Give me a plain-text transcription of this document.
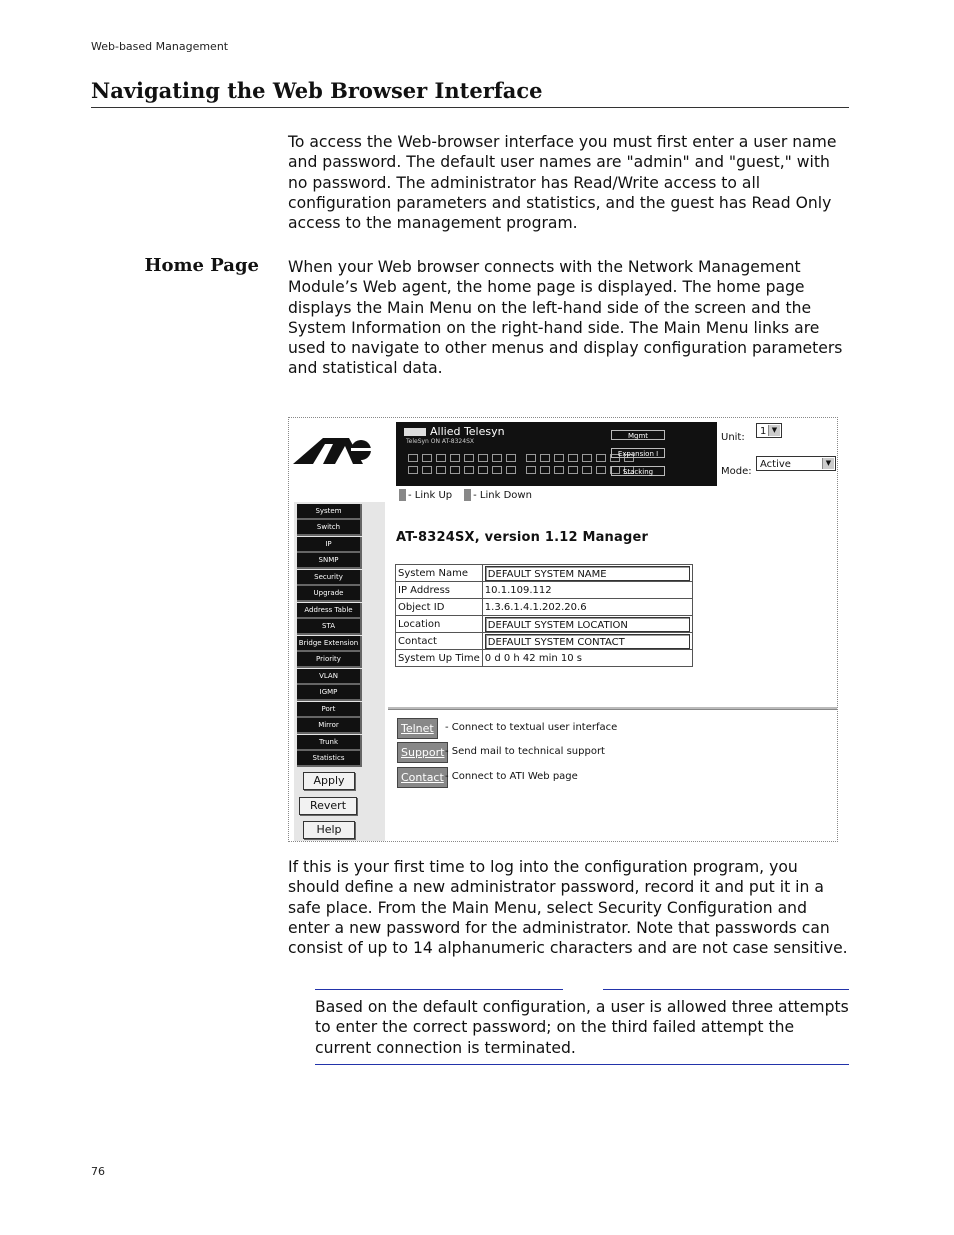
Web-based Management
Navigating the Web Browser Interface

To access the Web-browser interface you must first enter a user name and password. The default user names are "admin" and "guest," with no password. The administrator has Read/Write access to all configuration parameters and statistics, and the guest has Read Only access to the management program.

Home Page When your Web browser connects with the Network Management Module’s Web agent, the home page is displayed. The home page displays the Main Menu on the left-hand side of the screen and the System Information on the right-hand side. The Main Menu links are used to navigate to other menus and display configuration parameters and statistical data.

Allied Telesyn
TeleSyn ON AT-8324SX
Mgmt
Expansion I
Stacking
Unit:
1 ▼
Mode:
Active	▼
- Link Up - Link Down
System
Switch
IP
SNMP
Security
Upgrade
Address Table
STA
Bridge Extension
Priority
VLAN
IGMP
Port
Mirror
Trunk
Statistics
Apply
Revert
Help
AT-8324SX, version 1.12 Manager
System Name	DEFAULT SYSTEM NAME

IP Address	10.1.109.112
Object ID	1.3.6.1.4.1.202.20.6
Location	DEFAULT SYSTEM LOCATION

Contact	DEFAULT SYSTEM CONTACT

System Up Time	0 d 0 h 42 min 10 s
Telnet	- Connect to textual user interface
Support - Send mail to technical support
Contact - Connect to ATI Web page

If this is your first time to log into the configuration program, you should define a new administrator password, record it and put it in a safe place. From the Main Menu, select Security Configuration and enter a new password for the administrator. Note that passwords can consist of up to 14 alphanumeric characters and are not case sensitive.

Based on the default configuration, a user is allowed three attempts to enter the correct password; on the third failed attempt the current connection is terminated.

76
